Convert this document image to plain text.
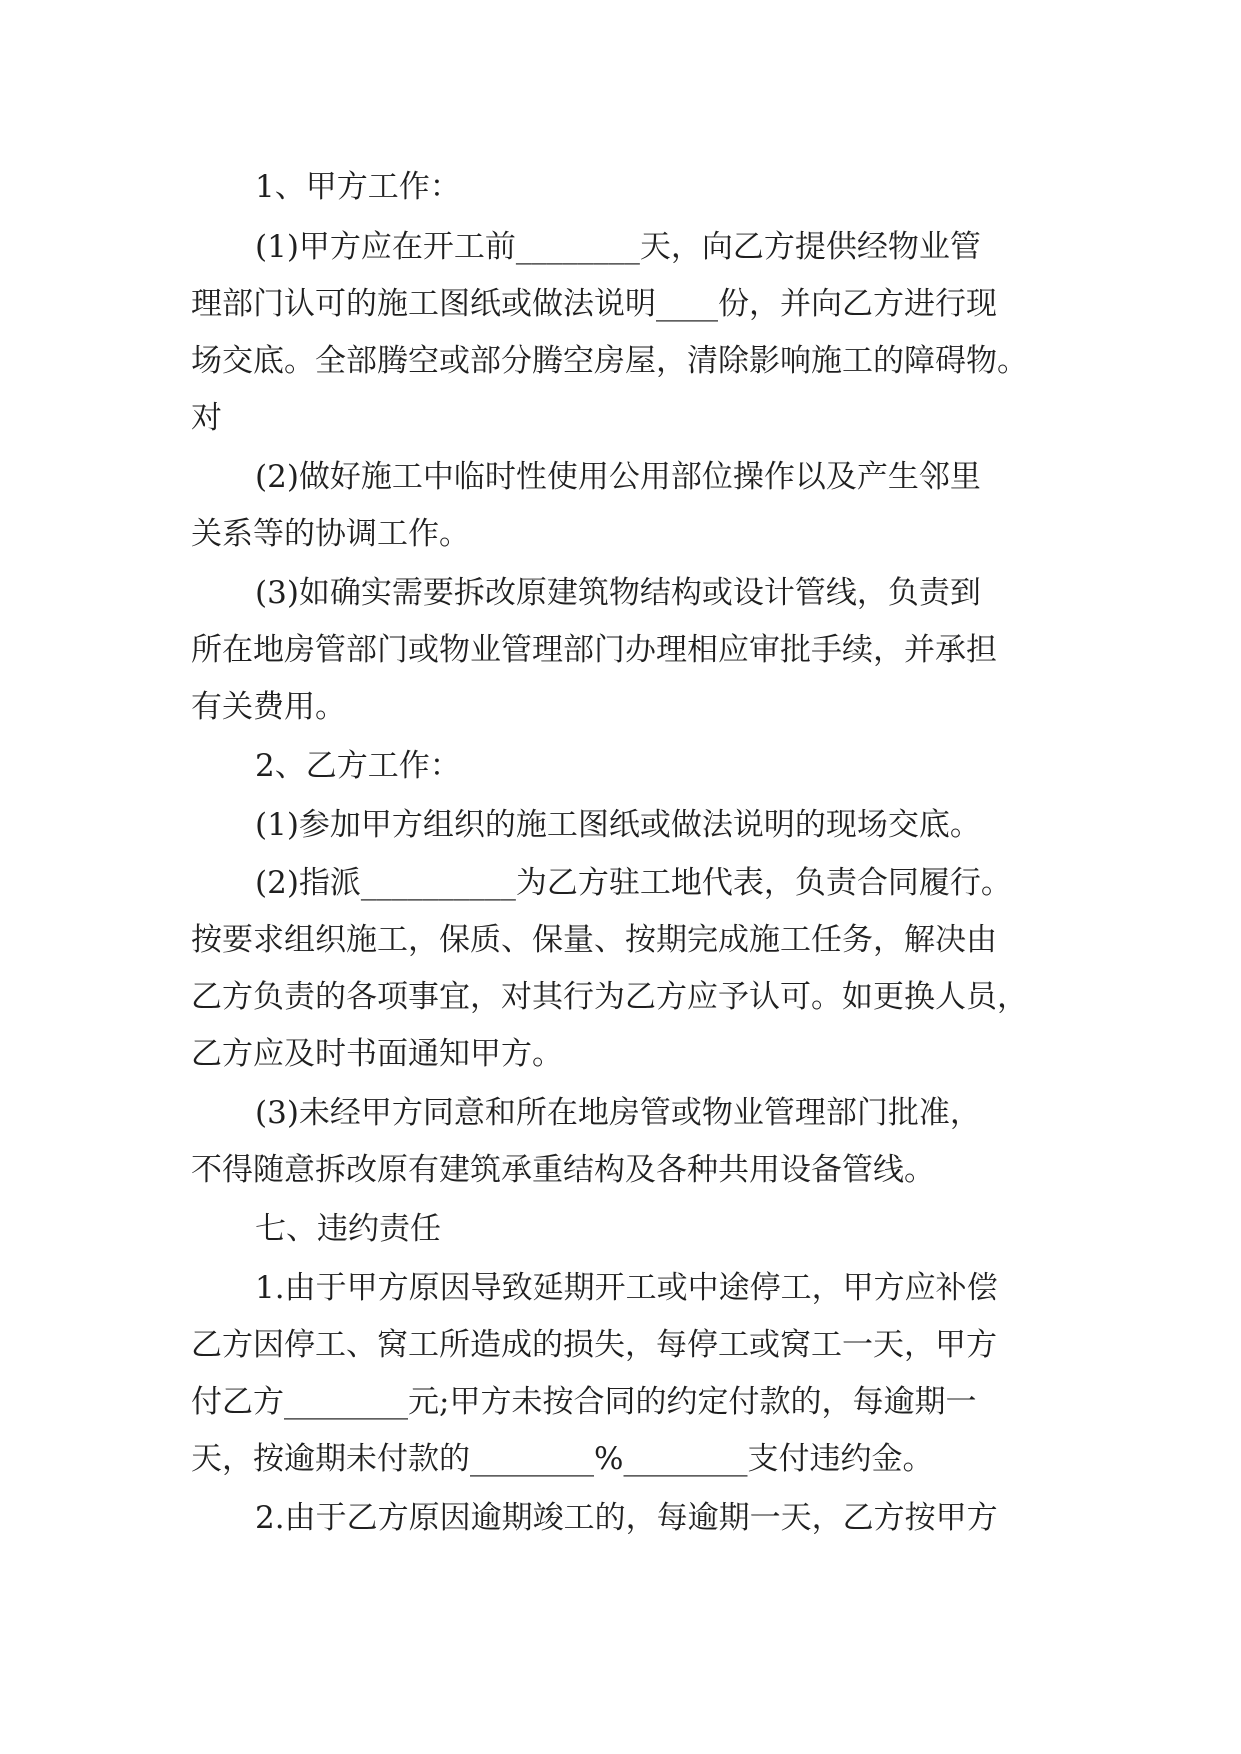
1、甲方工作：
(1)甲方应在开工前________天，向乙方提供经物业管
理部门认可的施工图纸或做法说明____份，并向乙方进行现
场交底。全部腾空或部分腾空房屋，清除影响施工的障碍物。
对
(2)做好施工中临时性使用公用部位操作以及产生邻里
关系等的协调工作。
(3)如确实需要拆改原建筑物结构或设计管线，负责到
所在地房管部门或物业管理部门办理相应审批手续，并承担
有关费用。
2、乙方工作：
(1)参加甲方组织的施工图纸或做法说明的现场交底。
(2)指派__________为乙方驻工地代表，负责合同履行。
按要求组织施工，保质、保量、按期完成施工任务，解决由
乙方负责的各项事宜，对其行为乙方应予认可。如更换人员，
乙方应及时书面通知甲方。
(3)未经甲方同意和所在地房管或物业管理部门批准，
不得随意拆改原有建筑承重结构及各种共用设备管线。
七、违约责任
1.由于甲方原因导致延期开工或中途停工，甲方应补偿
乙方因停工、窝工所造成的损失，每停工或窝工一天，甲方
付乙方________元;甲方未按合同的约定付款的，每逾期一
天，按逾期未付款的________%________支付违约金。
2.由于乙方原因逾期竣工的，每逾期一天，乙方按甲方
